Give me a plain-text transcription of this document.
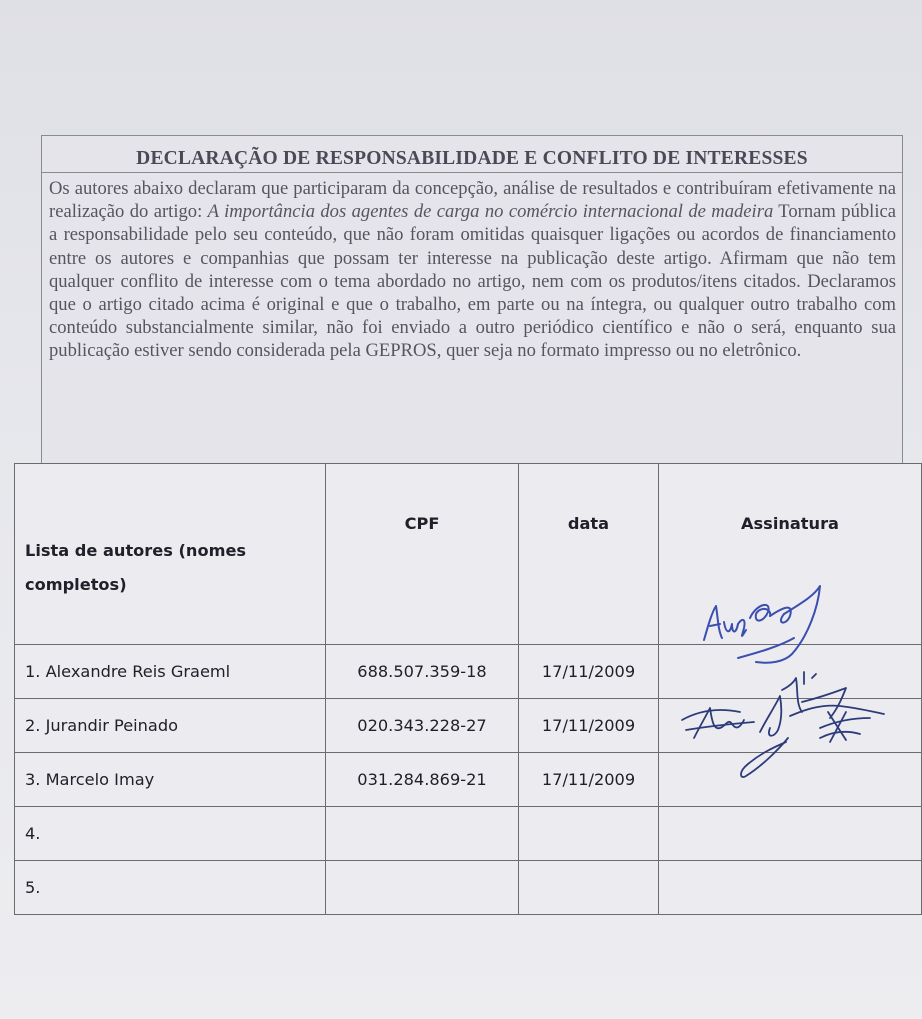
DECLARAÇÃO DE RESPONSABILIDADE E CONFLITO DE INTERESSES
Os autores abaixo declaram que participaram da concepção, análise de resultados e contribuíram efetivamente na realização do artigo: A importância dos agentes de carga no comércio internacional de madeira Tornam pública a responsabilidade pelo seu conteúdo, que não foram omitidas quaisquer ligações ou acordos de financiamento entre os autores e companhias que possam ter interesse na publicação deste artigo. Afirmam que não tem qualquer conflito de interesse com o tema abordado no artigo, nem com os produtos/itens citados. Declaramos que o artigo citado acima é original e que o trabalho, em parte ou na íntegra, ou qualquer outro trabalho com conteúdo substancialmente similar, não foi enviado a outro periódico científico e não o será, enquanto sua publicação estiver sendo considerada pela GEPROS, quer seja no formato impresso ou no eletrônico.
Lista de autores (nomes completos)	CPF	data	Assinatura
1. Alexandre Reis Graeml	688.507.359-18	17/11/2009	
2. Jurandir Peinado	020.343.228-27	17/11/2009	
3. Marcelo Imay	031.284.869-21	17/11/2009	
4.			
5.			
